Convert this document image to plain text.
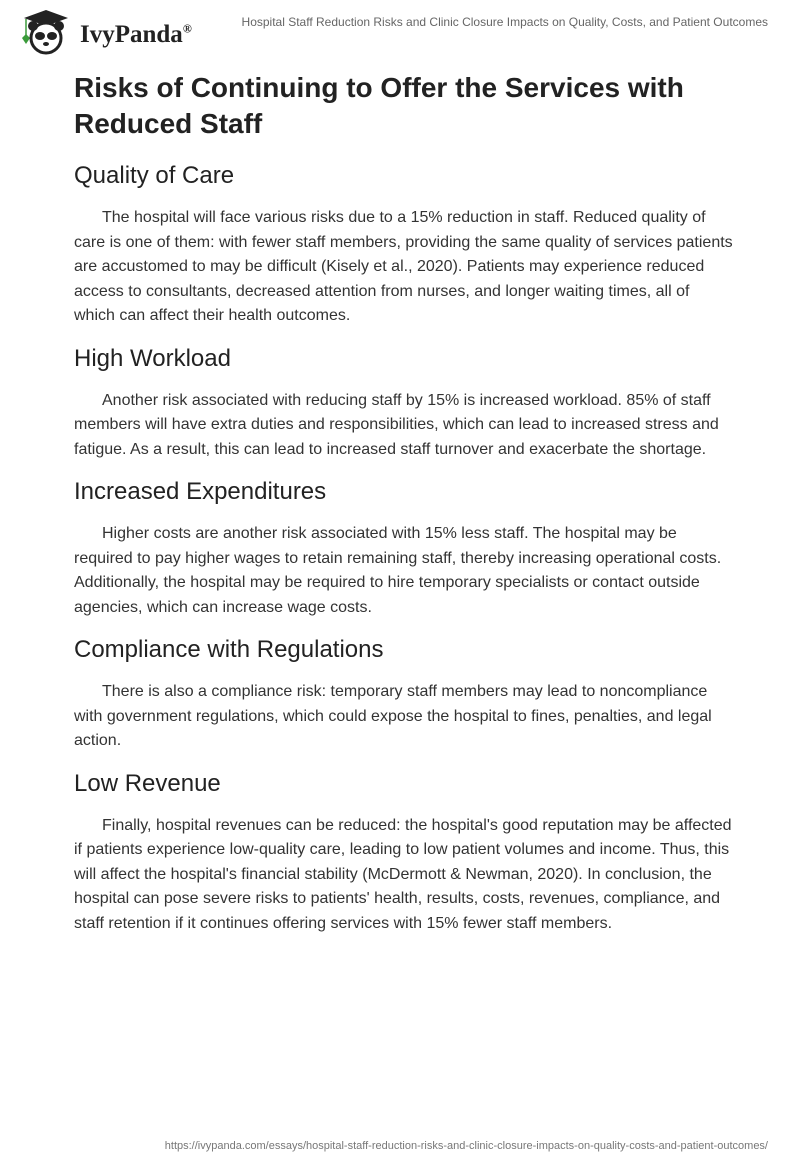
IvyPanda®	Hospital Staff Reduction Risks and Clinic Closure Impacts on Quality, Costs, and Patient Outcomes
Risks of Continuing to Offer the Services with Reduced Staff
Quality of Care

The hospital will face various risks due to a 15% reduction in staff. Reduced quality of care is one of them: with fewer staff members, providing the same quality of services patients are accustomed to may be difficult (Kisely et al., 2020). Patients may experience reduced access to consultants, decreased attention from nurses, and longer waiting times, all of which can affect their health outcomes.

High Workload

Another risk associated with reducing staff by 15% is increased workload. 85% of staff members will have extra duties and responsibilities, which can lead to increased stress and fatigue. As a result, this can lead to increased staff turnover and exacerbate the shortage.

Increased Expenditures

Higher costs are another risk associated with 15% less staff. The hospital may be required to pay higher wages to retain remaining staff, thereby increasing operational costs. Additionally, the hospital may be required to hire temporary specialists or contact outside agencies, which can increase wage costs.

Compliance with Regulations

There is also a compliance risk: temporary staff members may lead to noncompliance with government regulations, which could expose the hospital to fines, penalties, and legal action.

Low Revenue

Finally, hospital revenues can be reduced: the hospital's good reputation may be affected if patients experience low-quality care, leading to low patient volumes and income. Thus, this will affect the hospital's financial stability (McDermott & Newman, 2020). In conclusion, the hospital can pose severe risks to patients' health, results, costs, revenues, compliance, and staff retention if it continues offering services with 15% fewer staff members.

https://ivypanda.com/essays/hospital-staff-reduction-risks-and-clinic-closure-impacts-on-quality-costs-and-patient-outcomes/
